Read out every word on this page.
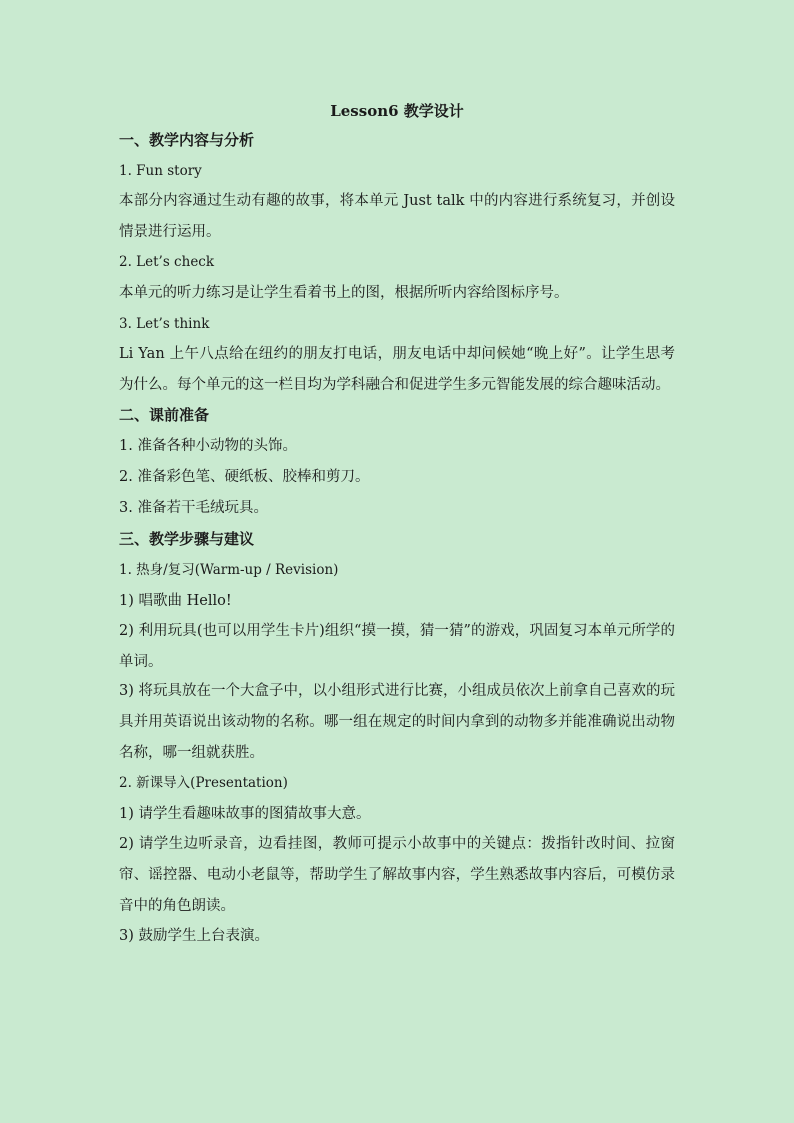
Lesson6 教学设计
一、教学内容与分析
1. Fun story
本部分内容通过生动有趣的故事，将本单元 Just talk 中的内容进行系统复习，并创设情景进行运用。
2. Let’s check
本单元的听力练习是让学生看着书上的图，根据所听内容给图标序号。
3. Let’s think
Li Yan 上午八点给在纽约的朋友打电话，朋友电话中却问候她“晚上好”。让学生思考为什么。每个单元的这一栏目均为学科融合和促进学生多元智能发展的综合趣味活动。
二、课前准备
1. 准备各种小动物的头饰。
2. 准备彩色笔、硬纸板、胶棒和剪刀。
3. 准备若干毛绒玩具。
三、教学步骤与建议
1. 热身/复习(Warm-up / Revision)
1) 唱歌曲 Hello!
2) 利用玩具(也可以用学生卡片)组织“摸一摸，猜一猜”的游戏，巩固复习本单元所学的单词。
3) 将玩具放在一个大盒子中，以小组形式进行比赛，小组成员依次上前拿自己喜欢的玩具并用英语说出该动物的名称。哪一组在规定的时间内拿到的动物多并能准确说出动物名称，哪一组就获胜。
2. 新课导入(Presentation)
1) 请学生看趣味故事的图猜故事大意。
2) 请学生边听录音，边看挂图，教师可提示小故事中的关键点：拨指针改时间、拉窗帘、谣控器、电动小老鼠等，帮助学生了解故事内容，学生熟悉故事内容后，可模仿录音中的角色朗读。
3) 鼓励学生上台表演。
